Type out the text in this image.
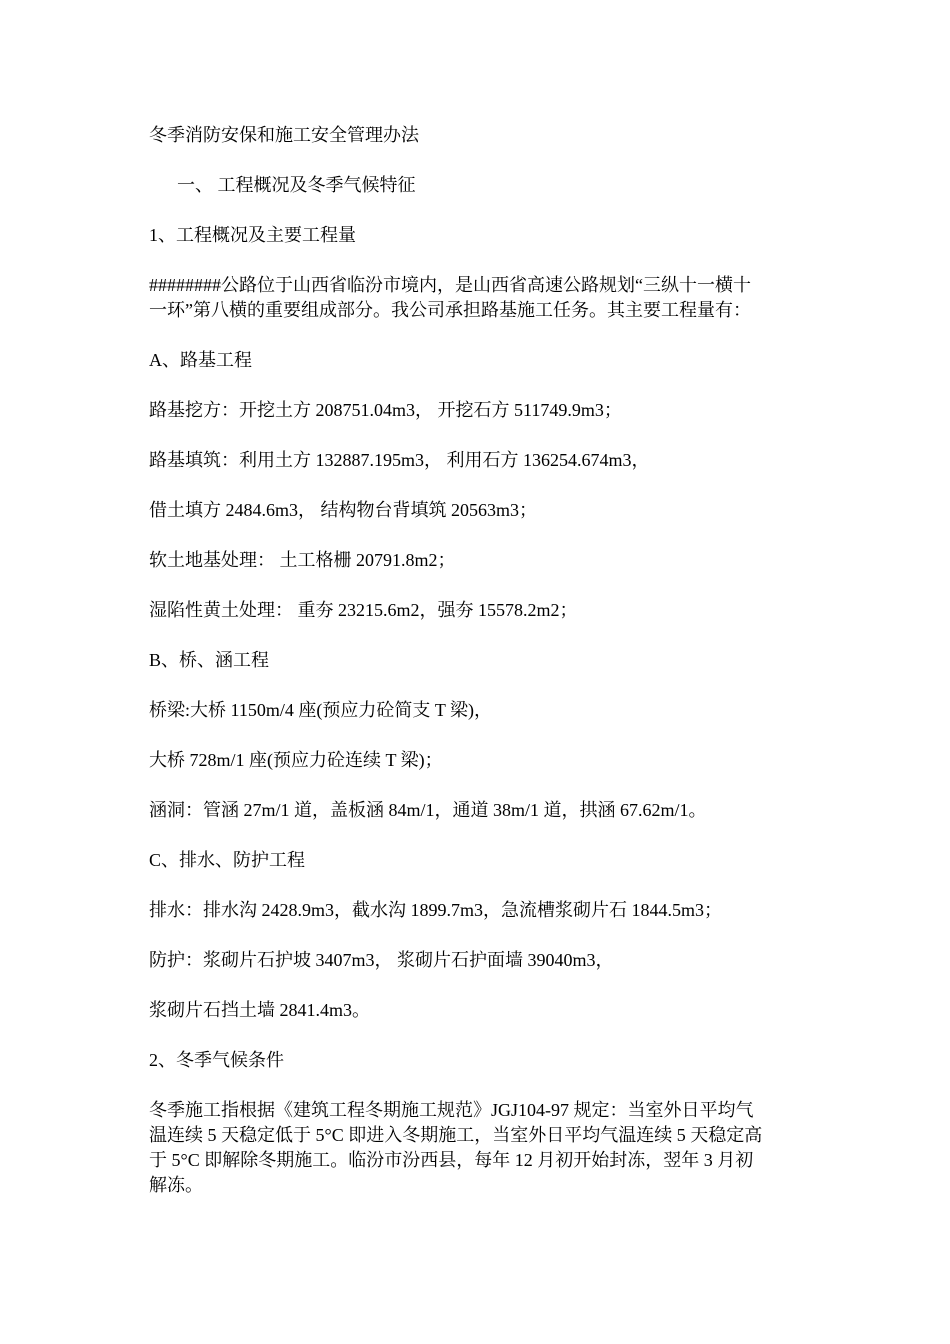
冬季消防安保和施工安全管理办法

一、 工程概况及冬季气候特征

1、工程概况及主要工程量

########公路位于山西省临汾市境内，是山西省高速公路规划“三纵十一横十

一环”第八横的重要组成部分。我公司承担路基施工任务。其主要工程量有：

A、路基工程

路基挖方：开挖土方 208751.04m3， 开挖石方 511749.9m3；

路基填筑：利用土方 132887.195m3， 利用石方 136254.674m3，

借土填方 2484.6m3， 结构物台背填筑 20563m3；

软土地基处理： 土工格栅 20791.8m2；

湿陷性黄土处理： 重夯 23215.6m2，强夯 15578.2m2；

B、桥、涵工程

桥梁:大桥 1150m/4 座(预应力砼简支 T 梁)，

大桥 728m/1 座(预应力砼连续 T 梁)；

涵洞：管涵 27m/1 道，盖板涵 84m/1，通道 38m/1 道，拱涵 67.62m/1。

C、排水、防护工程

排水：排水沟 2428.9m3，截水沟 1899.7m3，急流槽浆砌片石 1844.5m3；

防护：浆砌片石护坡 3407m3， 浆砌片石护面墙 39040m3，

浆砌片石挡土墙 2841.4m3。

2、冬季气候条件

冬季施工指根据《建筑工程冬期施工规范》JGJ104-97 规定：当室外日平均气

温连续 5 天稳定低于 5°C 即进入冬期施工，当室外日平均气温连续 5 天稳定高

于 5°C 即解除冬期施工。临汾市汾西县，每年 12 月初开始封冻，翌年 3 月初

解冻。
